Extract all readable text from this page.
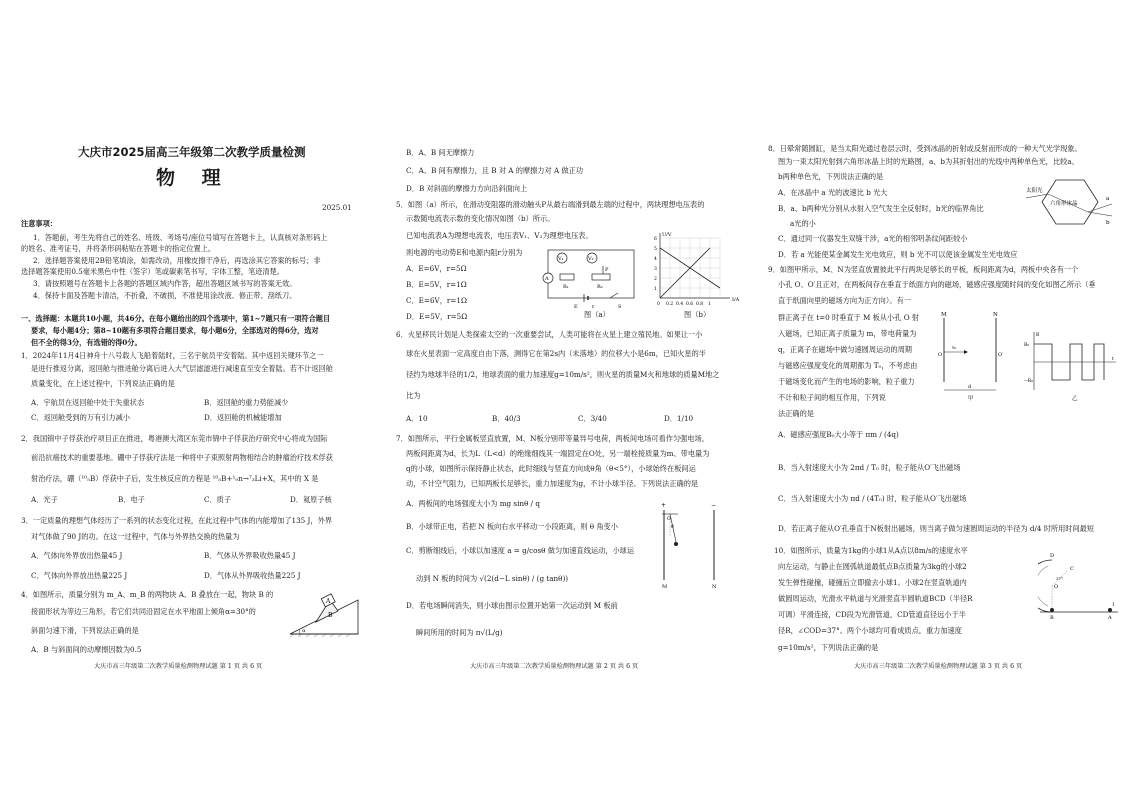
大庆市2025届高三年级第二次教学质量检测
物 理
2025.01
注意事项：
1．答题前，考生先将自己的姓名、班级、考场号/座位号填写在答题卡上，认真核对条形码上
的姓名、准考证号，并将条形码粘贴在答题卡的指定位置上。
2．选择题答案使用2B铅笔填涂，如需改动，用橡皮擦干净后，再选涂其它答案的标号；非
选择题答案使用0.5毫米黑色中性（签字）笔或碳素笔书写，字体工整，笔迹清楚。
3．请按照题号在答题卡上各题的答题区域内作答，超出答题区域书写的答案无效。
4．保持卡面及答题卡清洁，不折叠，不破损，不准使用涂改液、修正带、刮纸刀。
一、选择题：本题共10小题，共46分。在每小题给出的四个选项中，第1~7题只有一项符合题目
要求，每小题4分；第8~10题有多项符合题目要求，每小题6分，全部选对的得6分，选对
但不全的得3分，有选错的得0分。
1．2024年11月4日神舟十八号载人飞船着陆时，三名宇航员平安着陆。其中返回关键环节之一
是进行推返分离，返回舱与推进舱分离后进入大气层滤滤进行减速直至安全着陆。若不计返回舱
质量变化，在上述过程中，下列说法正确的是
A．宇航员在返回舱中处于失重状态	B．返回舱的重力势能减少
C．返回舱受到的万有引力减小	D．返回舱的机械能增加
2．我国锦中子俘获治疗项目正在推进，粤港澳大湾区东莞市锦中子俘获治疗研究中心将成为国际
前沿抗癌技术的重要基地。硼中子俘获疗法是一种将中子束照射两物相结合的肿瘤治疗技术俘获
射治疗法，硼（¹⁰₅B）俘获中子后，发生核反应的方程是 ¹⁰₅B+¹₀n→⁷₃Li+X，其中的 X 是
A．光子	B．电子	C．质子	D．氦原子核
3．一定质量的理想气体经历了一系列的状态变化过程，在此过程中气体的内能增加了135 J，外界
对气体做了90 J的功。在这一过程中，气体与外界热交换的热量为
A．气体向外界放出热量45 J	B．气体从外界吸收热量45 J
C．气体向外界放出热量225 J	D．气体从外界吸收热量225 J
4．如图所示，质量分别为 m_A、m_B 的两物块 A、B 叠放在一起，物块 B 的
接面形状为等边三角形，若它们共同沿固定在水平地面上倾角α=30°的
斜面匀速下滑，下列说法正确的是
A．B 与斜面间的动摩擦因数为0.5
A
B
α
大庆市高三年级第二次教学质量检测物理试题 第 1 页 共 6 页
B．A、B 间无摩擦力
C．A、B 间有摩擦力，且 B 对 A 的摩擦力对 A 做正功
D．B 对斜面的摩擦力方向沿斜面向上
5．如图（a）所示，在滑动变阻器的滑动触头P从最右端滑到最左端的过程中，两块理想电压表的
示数随电流表示数的变化情况如图（b）所示。
已知电流表A为理想电流表，电压表V₁、V₂为理想电压表。
则电源的电动势E和电源内阻r分别为
A．E=6V，r=5Ω
B．E=5V，r=1Ω
C．E=6V，r=1Ω
D．E=5V，r=5Ω
V₁	V₂
A
R₁	R₂
P
E	r	S
图（a）
U/V
I/A
6
5
4
3
2
1
0 0.2 0.4 0.6 0.8 1
图（b）
6．火星移民计划是人类探索太空的一次重要尝试，人类可能将在火星上建立殖民地。如果让一小
球在火星表面一定高度自由下落，测得它在第2s内（未落地）的位移大小是6m，已知火星的半
径约为地球半径的1/2，地球表面的重力加速度g=10m/s²，则火星的质量M火和地球的质量M地之
比为
A．10	B．40/3	C．3/40	D．1/10
7．如图所示，平行金属板竖直放置，M、N板分别带等量异号电荷，两板间电场可看作匀强电场，
两板间距离为d，长为L（L<d）的绝缘细线其一端固定在O处，另一端栓接质量为m、带电量为
q的小球，如图所示保持静止状态，此时细线与竖直方向成θ角（θ<5°），小球始终在板间运
动，不计空气阻力，已知两板长足够长，重力加速度为g，不计小球半径。下列说法正确的是
A．两板间的电场强度大小为 mg sinθ / q
B．小球带正电，若把 N 板向右水平移动一小段距离，则 θ 角变小
C．剪断细线后，小球以加速度 a = g/cosθ 做匀加速直线运动，小球运
动到 N 板的时间为 √(2(d−L sinθ) / (g tanθ))
D．若电场瞬间消失，则小球由图示位置开始第一次运动到 M 板前
瞬间所用的时间为 π√(L/g)
+	−
O
θ
M	N
大庆市高三年级第二次教学质量检测物理试题 第 2 页 共 6 页
8．日晕常随圆缸，是当太阳光通过卷层云时，受到冰晶的折射或反射而形成的一种大气光学现象。
图为一束太阳光射到六角形冰晶上时的光路图，a、b为其折射出的光线中两种单色光，比较a、
b两种单色光，下列说法正确的是
A．在冰晶中 a 光的波速比 b 光大
B．a、b两种光分别从水射入空气发生全反射时，b光的临界角比
a光的小
C．通过同一仪器发生双缝干涉，a光的相邻明条纹间距较小
D．若 a 光能使某金属发生光电效应，则 b 光不可以使该金属发生光电效应
太阳光
六角形冰晶
a
b
9．如图甲所示，M、N为竖直放置彼此平行两块足够长的平板，板间距离为d，两板中央各有一个
小孔 O、O′且正对，在两板间存在垂直于纸面方向的磁场，磁感应强度随时间的变化如图乙所示（垂
直于纸面向里的磁场方向为正方向）。有一
群正离子在 t=0 时垂直于 M 板从小孔 O 射
入磁场，已知正离子质量为 m，带电荷量为
q，正离子在磁场中做匀速圆周运动的周期
与磁感应强度变化的周期都为 T₀，不考虑由
于磁场变化而产生的电场的影响，粒子重力
不计和粒子间的相互作用，下列说
法正确的是
M	N
O	O′
v₀
d
甲
B₀
−B₀
B
t
乙
A．磁感应强度B₀大小等于 πm / (4q)
B．当入射速度大小为 2πd / T₀ 时，粒子能从O′飞出磁场
C．当入射速度大小为 πd / (4T₀) 时，粒子能从O′飞出磁场
D．若正离子能从O′孔垂直于N板射出磁场，则当离子做匀速圆周运动的半径为 d/4 时所用时间最短
10．如图所示，质量为1kg的小球1从A点以8m/s的速度水平
向左运动，与静止在圆弧轨道最低点B点质量为3kg的小球2
发生弹性碰撞，碰撞后立即撤去小球1。小球2在竖直轨道内
做圆周运动，光滑水平轨道与光滑竖直半圆轨道BCD（半径R
可调）平滑连接，CD段为光滑管道，CD管道直径远小于半
径R，∠COD=37°。两个小球均可看成质点，重力加速度
g=10m/s²，下列说法正确的是
C
D
O
B	A
37°
1
大庆市高三年级第二次教学质量检测物理试题 第 3 页 共 6 页
